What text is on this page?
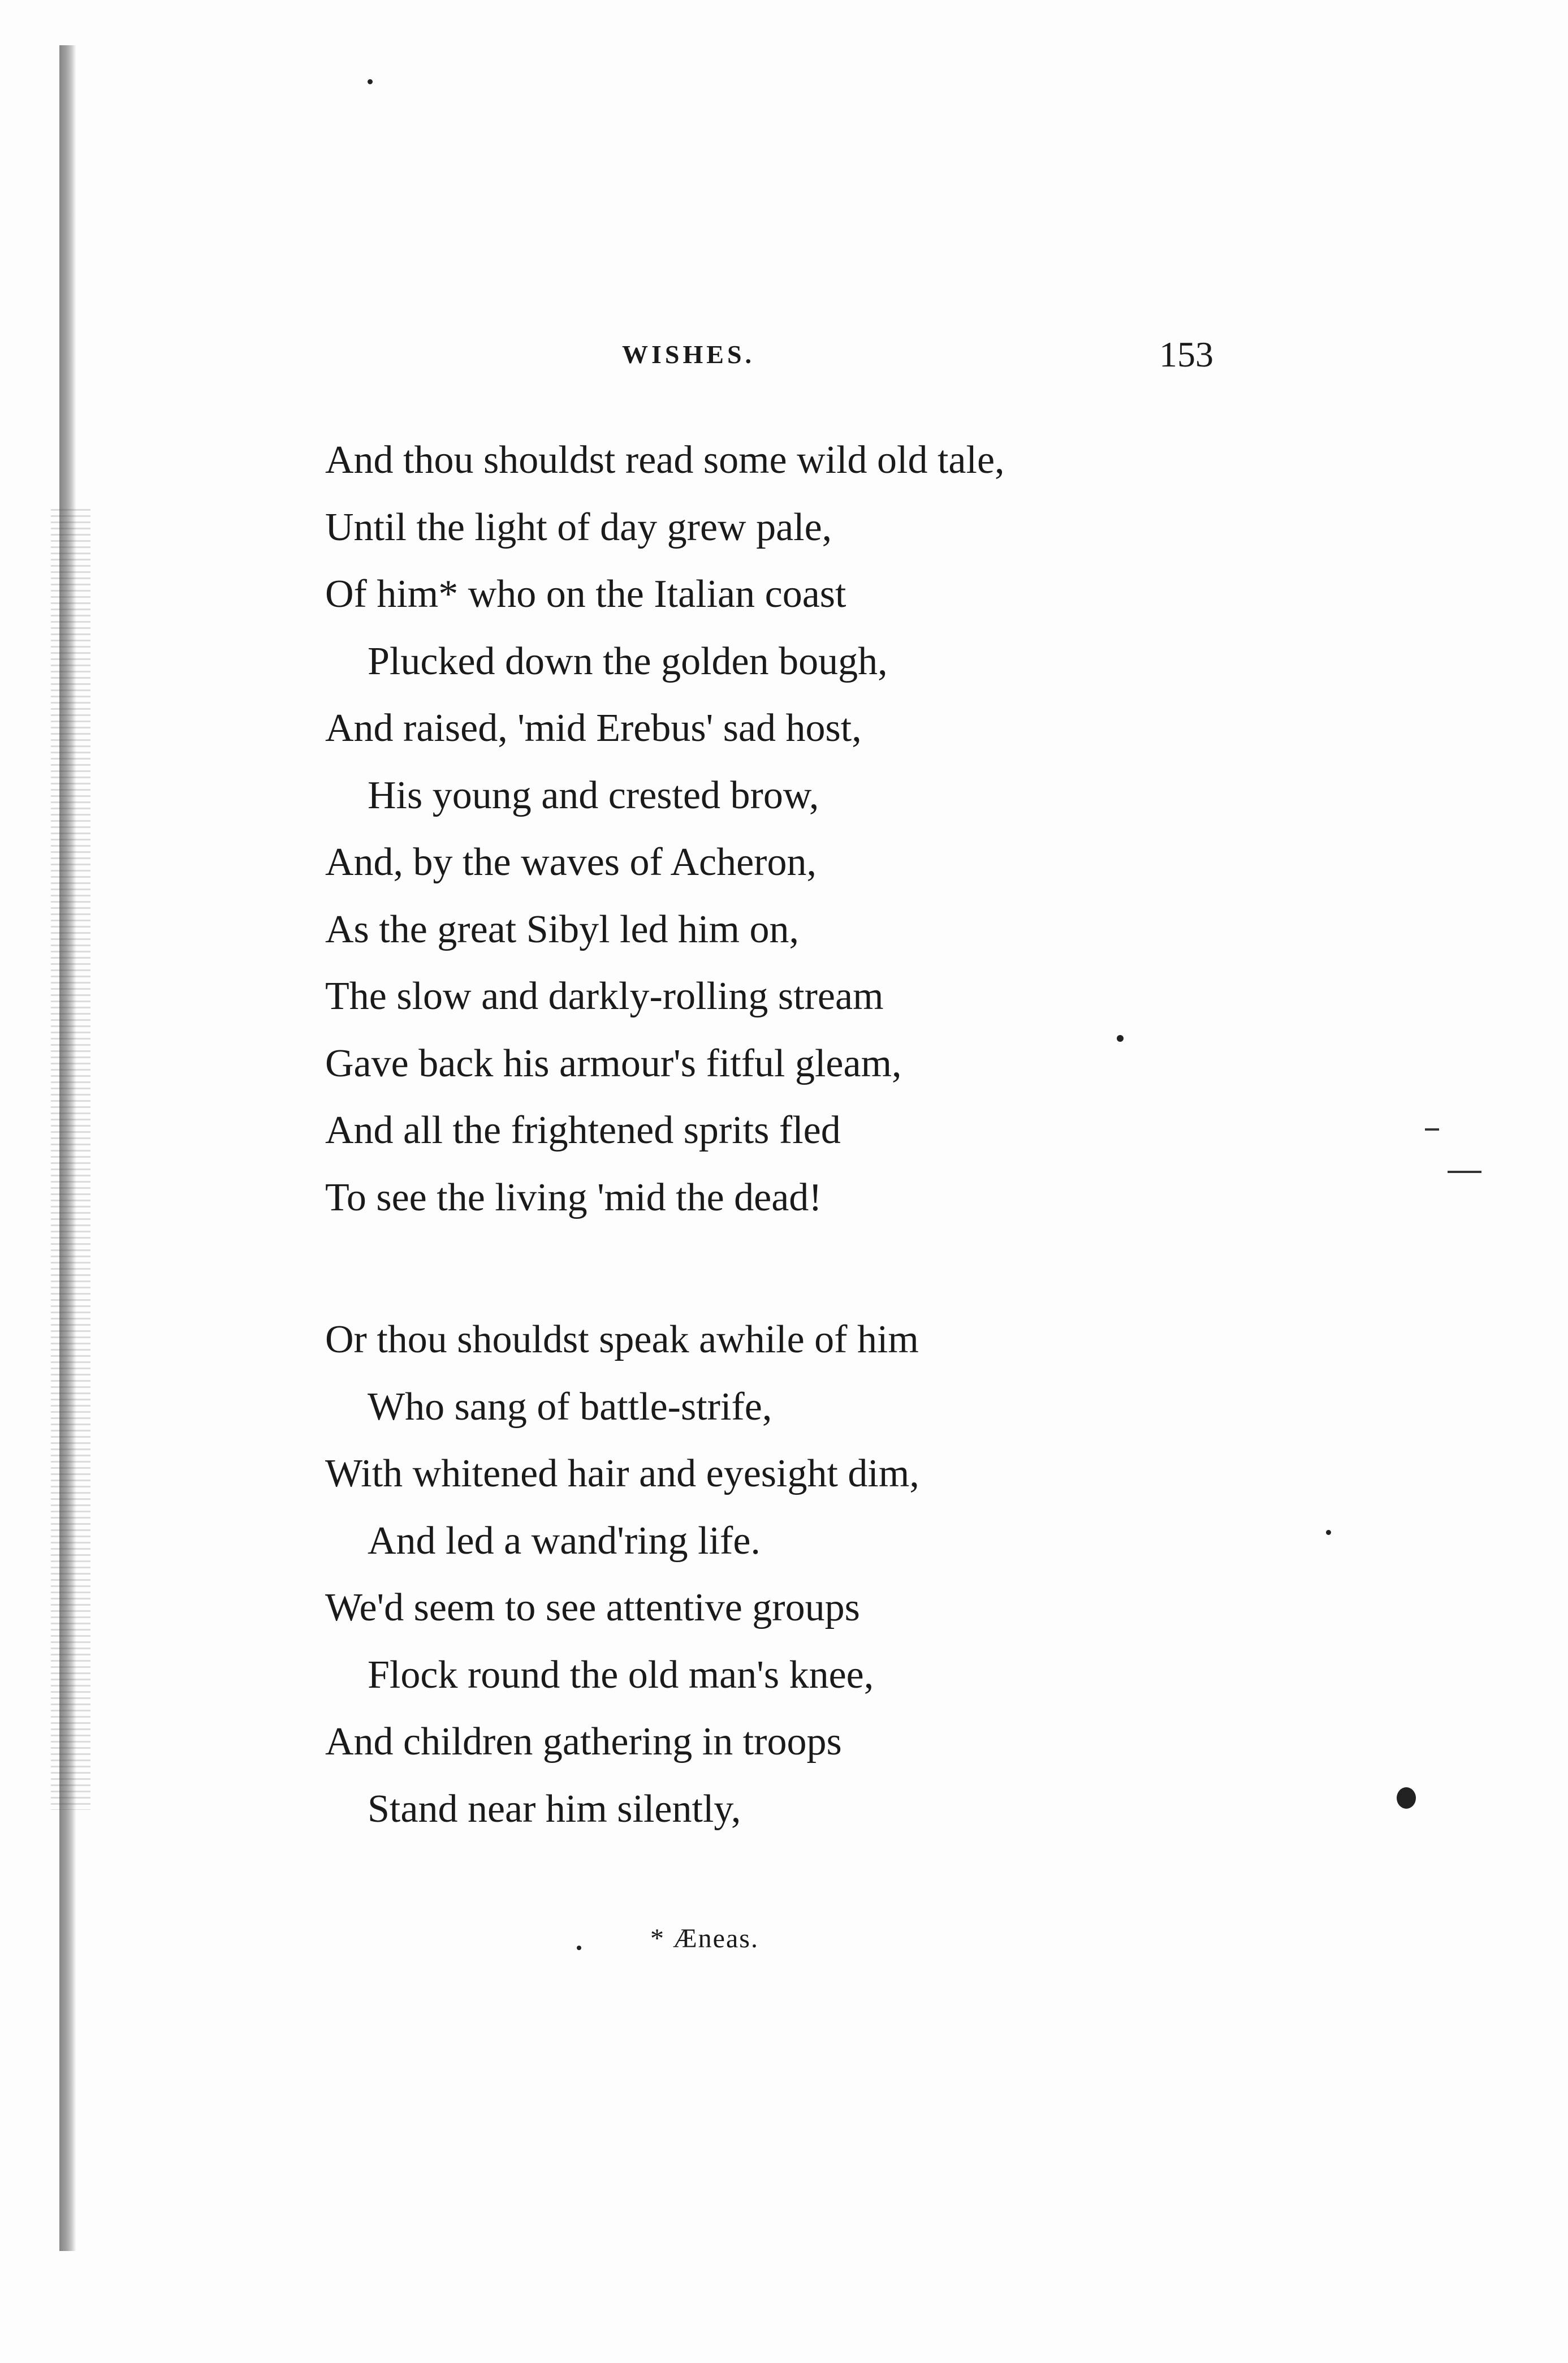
WISHES.	153
And thou shouldst read some wild old tale,
Until the light of day grew pale,
Of him* who on the Italian coast
Plucked down the golden bough,
And raised, 'mid Erebus' sad host,
His young and crested brow,
And, by the waves of Acheron,
As the great Sibyl led him on,
The slow and darkly-rolling stream
Gave back his armour's fitful gleam,
And all the frightened sprits fled
To see the living 'mid the dead!
Or thou shouldst speak awhile of him
Who sang of battle-strife,
With whitened hair and eyesight dim,
And led a wand'ring life.
We'd seem to see attentive groups
Flock round the old man's knee,
And children gathering in troops
Stand near him silently,
* Æneas.
